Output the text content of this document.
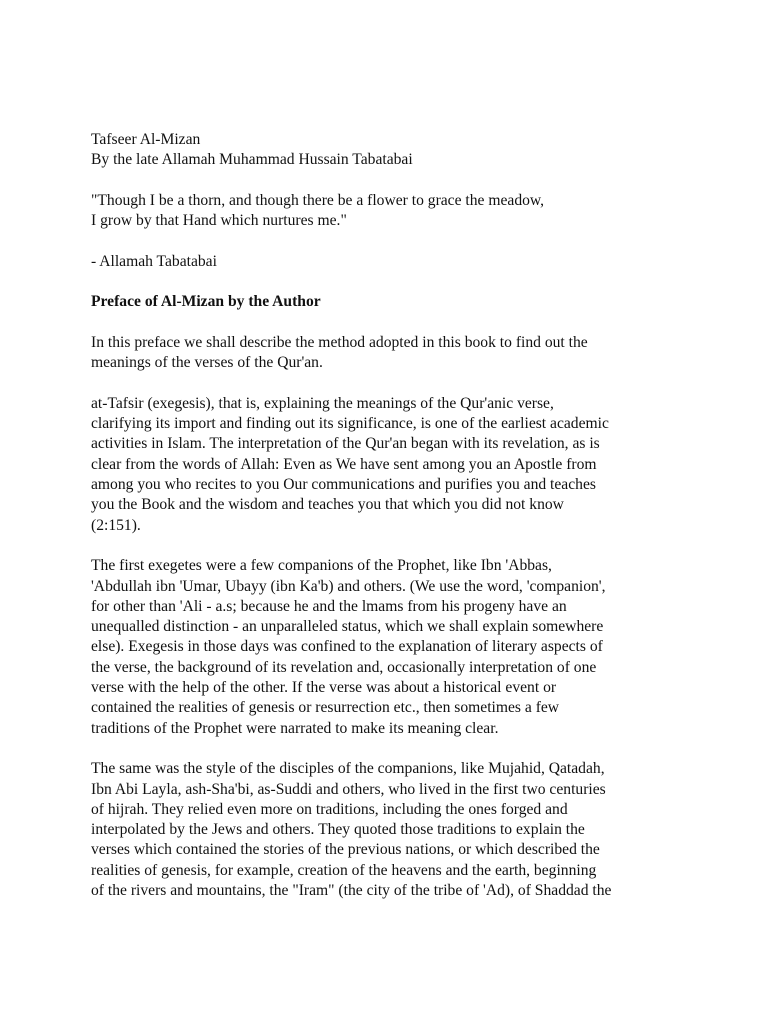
Tafseer Al-Mizan
By the late Allamah Muhammad Hussain Tabatabai
"Though I be a thorn, and though there be a flower to grace the meadow,
I grow by that Hand which nurtures me."
- Allamah Tabatabai
Preface of Al-Mizan by the Author
In this preface we shall describe the method adopted in this book to find out the
meanings of the verses of the Qur'an.
at-Tafsir (exegesis), that is, explaining the meanings of the Qur'anic verse,
clarifying its import and finding out its significance, is one of the earliest academic
activities in Islam. The interpretation of the Qur'an began with its revelation, as is
clear from the words of Allah: Even as We have sent among you an Apostle from
among you who recites to you Our communications and purifies you and teaches
you the Book and the wisdom and teaches you that which you did not know
(2:151).
The first exegetes were a few companions of the Prophet, like Ibn 'Abbas,
'Abdullah ibn 'Umar, Ubayy (ibn Ka'b) and others. (We use the word, 'companion',
for other than 'Ali - a.s; because he and the lmams from his progeny have an
unequalled distinction - an unparalleled status, which we shall explain somewhere
else). Exegesis in those days was confined to the explanation of literary aspects of
the verse, the background of its revelation and, occasionally interpretation of one
verse with the help of the other. If the verse was about a historical event or
contained the realities of genesis or resurrection etc., then sometimes a few
traditions of the Prophet were narrated to make its meaning clear.
The same was the style of the disciples of the companions, like Mujahid, Qatadah,
Ibn Abi Layla, ash-Sha'bi, as-Suddi and others, who lived in the first two centuries
of hijrah. They relied even more on traditions, including the ones forged and
interpolated by the Jews and others. They quoted those traditions to explain the
verses which contained the stories of the previous nations, or which described the
realities of genesis, for example, creation of the heavens and the earth, beginning
of the rivers and mountains, the "Iram" (the city of the tribe of 'Ad), of Shaddad the
